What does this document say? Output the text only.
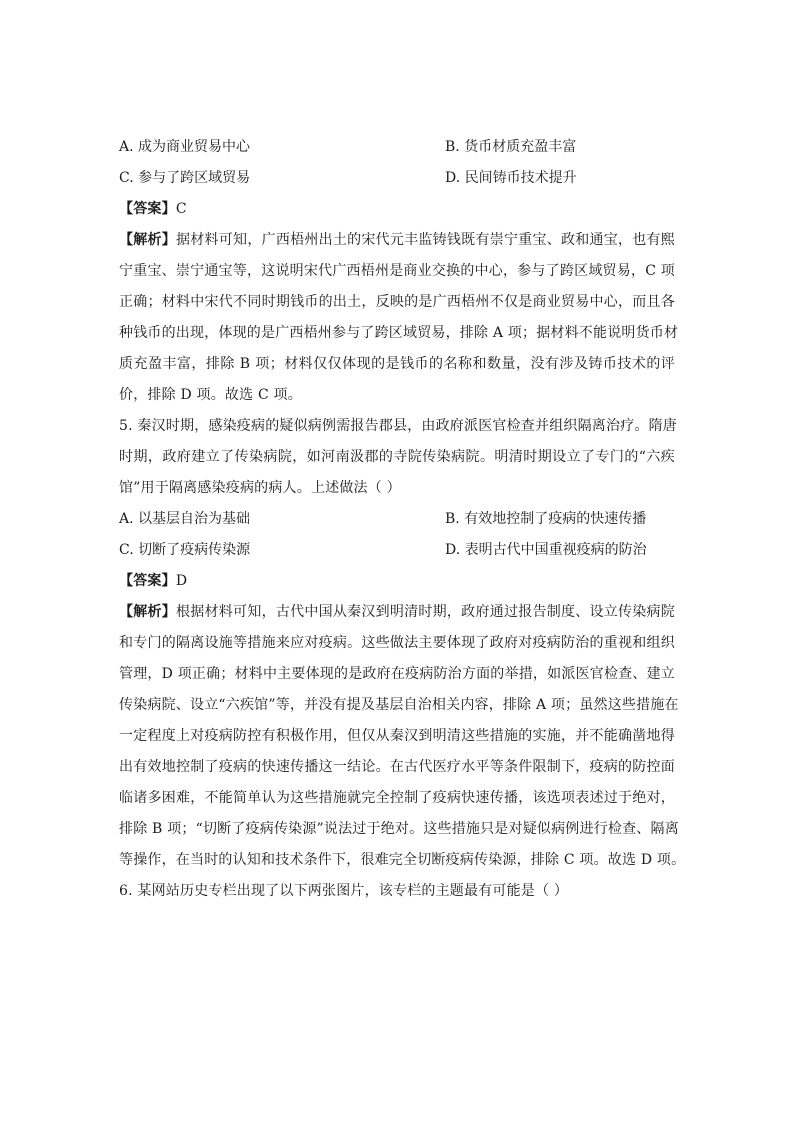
A. 成为商业贸易中心	B. 货币材质充盈丰富
C. 参与了跨区域贸易	D. 民间铸币技术提升
【答案】C
【解析】据材料可知，广西梧州出土的宋代元丰监铸钱既有崇宁重宝、政和通宝，也有熙
宁重宝、崇宁通宝等，这说明宋代广西梧州是商业交换的中心，参与了跨区域贸易，C 项
正确；材料中宋代不同时期钱币的出土，反映的是广西梧州不仅是商业贸易中心，而且各
种钱币的出现，体现的是广西梧州参与了跨区域贸易，排除 A 项；据材料不能说明货币材
质充盈丰富，排除 B 项；材料仅仅体现的是钱币的名称和数量，没有涉及铸币技术的评
价，排除 D 项。故选 C 项。
5. 秦汉时期，感染疫病的疑似病例需报告郡县，由政府派医官检查并组织隔离治疗。隋唐
时期，政府建立了传染病院，如河南汲郡的寺院传染病院。明清时期设立了专门的“六疾
馆”用于隔离感染疫病的病人。上述做法（ ）
A. 以基层自治为基础	B. 有效地控制了疫病的快速传播
C. 切断了疫病传染源	D. 表明古代中国重视疫病的防治
【答案】D
【解析】根据材料可知，古代中国从秦汉到明清时期，政府通过报告制度、设立传染病院
和专门的隔离设施等措施来应对疫病。这些做法主要体现了政府对疫病防治的重视和组织
管理，D 项正确；材料中主要体现的是政府在疫病防治方面的举措，如派医官检查、建立
传染病院、设立“六疾馆”等，并没有提及基层自治相关内容，排除 A 项；虽然这些措施在
一定程度上对疫病防控有积极作用，但仅从秦汉到明清这些措施的实施，并不能确凿地得
出有效地控制了疫病的快速传播这一结论。在古代医疗水平等条件限制下，疫病的防控面
临诸多困难，不能简单认为这些措施就完全控制了疫病快速传播，该选项表述过于绝对，
排除 B 项；“切断了疫病传染源”说法过于绝对。这些措施只是对疑似病例进行检查、隔离
等操作，在当时的认知和技术条件下，很难完全切断疫病传染源，排除 C 项。故选 D 项。
6. 某网站历史专栏出现了以下两张图片，该专栏的主题最有可能是（ ）
